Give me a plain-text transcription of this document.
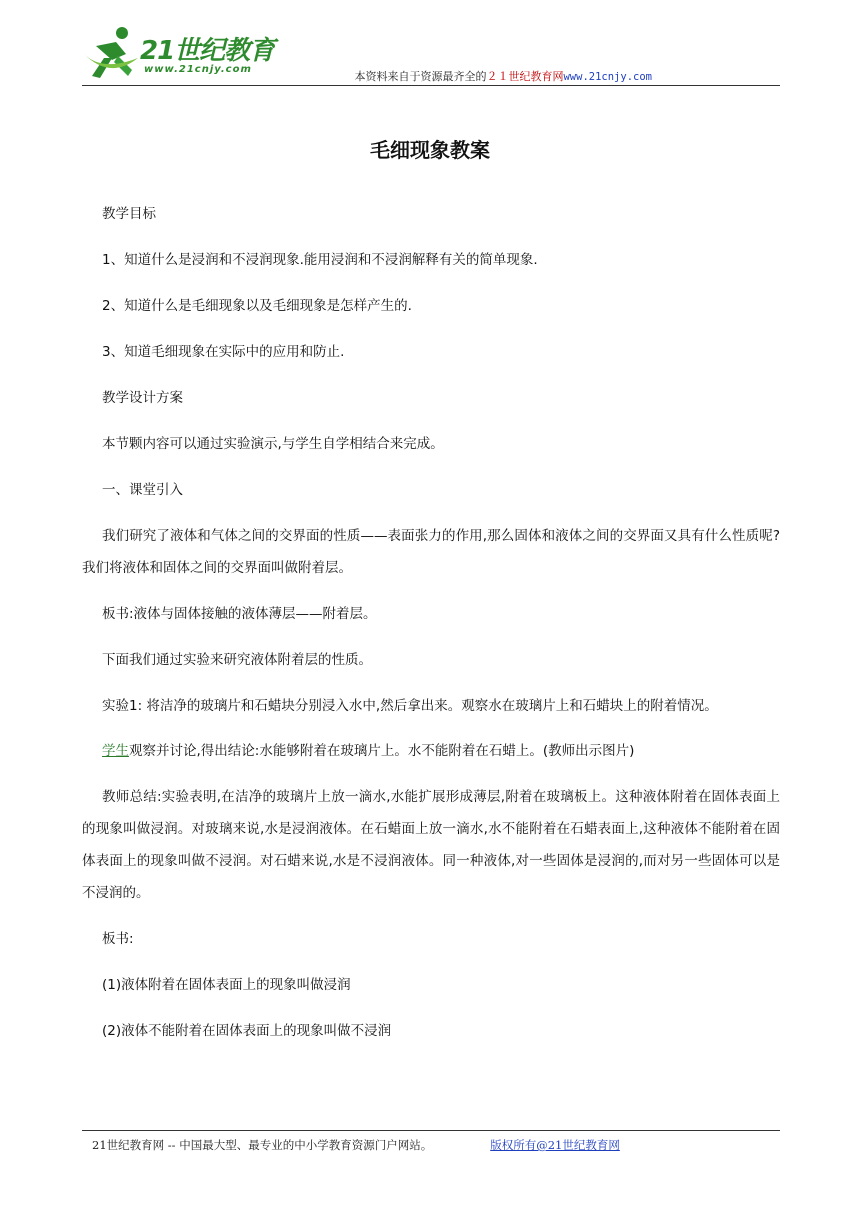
21世纪教育
www.21cnjy.com
本资料来自于资源最齐全的２１世纪教育网www.21cnjy.com
毛细现象教案

教学目标

1、知道什么是浸润和不浸润现象.能用浸润和不浸润解释有关的简单现象.

2、知道什么是毛细现象以及毛细现象是怎样产生的.

3、知道毛细现象在实际中的应用和防止.

教学设计方案

本节颗内容可以通过实验演示,与学生自学相结合来完成。

一、课堂引入

我们研究了液体和气体之间的交界面的性质——表面张力的作用,那么固体和液体之间的交界面又具有什么性质呢?我们将液体和固体之间的交界面叫做附着层。

板书:液体与固体接触的液体薄层——附着层。

下面我们通过实验来研究液体附着层的性质。

实验1: 将洁净的玻璃片和石蜡块分别浸入水中,然后拿出来。观察水在玻璃片上和石蜡块上的附着情况。

学生观察并讨论,得出结论:水能够附着在玻璃片上。水不能附着在石蜡上。(教师出示图片)

教师总结:实验表明,在洁净的玻璃片上放一滴水,水能扩展形成薄层,附着在玻璃板上。这种液体附着在固体表面上的现象叫做浸润。对玻璃来说,水是浸润液体。在石蜡面上放一滴水,水不能附着在石蜡表面上,这种液体不能附着在固体表面上的现象叫做不浸润。对石蜡来说,水是不浸润液体。同一种液体,对一些固体是浸润的,而对另一些固体可以是不浸润的。

板书:

(1)液体附着在固体表面上的现象叫做浸润

(2)液体不能附着在固体表面上的现象叫做不浸润

21世纪教育网 -- 中国最大型、最专业的中小学教育资源门户网站。	版权所有@21世纪教育网
